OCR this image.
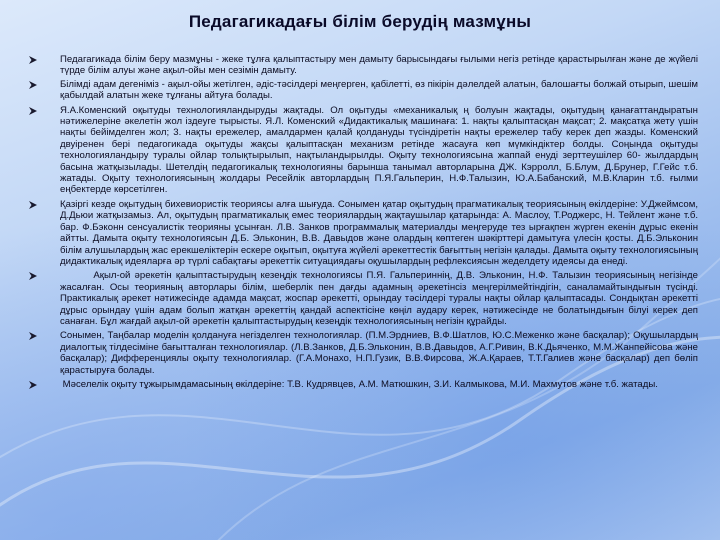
Педагагикадағы білім берудің мазмұны
Педагагикада білім беру мазмұны - жеке тұлға қалыптастыру мен дамыту барысындағы ғылыми негіз ретінде қарастырылған және де жүйелі түрде білім алуы және ақыл-ойы мен сезімін дамыту.
Білімді адам дегеніміз - ақыл-ойы жетілген, әдіс-тәсілдері меңгерген, қабілетті, өз пікірін дәлелдей алатын, балошағты болжай отырып, шешім қабылдай алатын жеке тұлғаны айтуға болады.
Я.А.Коменский оқытуды технологияландыруды жақтады. Ол оқытуды «механикалық ң болуын жақтады, оқытудың қанағаттандыратын нәтижелеріне әкелетін жол іздеуге тырысты. Я.Л. Коменский «Дидактикалық машинаға: 1. нақты қалыптасқан мақсат; 2. мақсатқа жету үшін нақты бейімделген жол; 3. нақты ережелер, амалдармен қалай қолдануды түсіндіретін нақты ережелер табу керек деп жазды. Коменский двуіренен бері педагогикада оқытуды жақсы қалыптасқан механизм ретінде жасауға көп мүмкіндіктер болды. Соңында оқытуды технологияландыру туралы ойлар толықтырылып, нақтыландырылды. Оқыту технологиясына жаппай енуді зерттеушілер 60- жылдардың басына жатқызылады. Шетелдің педагогикалық технологияны барынша танымал авторларына ДЖ. Кэрролл, Б.Блум, Д.Брунер, Г.Гейс т.б. жатады. Оқыту технологиясының жолдары Ресейлік авторлардың П.Я.Гальперин, Н.Ф.Талызин, Ю.А.Бабанский, М.В.Кларин т.б. ғылми еңбектерде көрсетілген.
Қазіргі кезде оқытудың бихевиористік теориясы алға шығуда. Сонымен қатар оқытудың прагматикалық теориясының өкілдеріне: У.Джеймсом, Д.Дьюи жатқызамыз. Ал, оқытудың прагматикалық емес теориялардың жақтаушылар қатарында: А. Маслоу, Т.Роджерс, Н. Тейлент және т.б. бар. Ф.Бэконн сенсуалистік теорияны ұсынған. Л.В. Занков программалық материалды меңгеруде тез ырғақпен жүрген екенін дұрыс екенін айтты. Дамыта оқыту технологиясын Д.Б. Эльконин, В.В. Давыдов және олардың көптеген шәкірттері дамытуға үлесін қосты. Д.Б.Эльконин білім алушылардың жас ерекшеліктерін ескере оқытып, оқытуға жүйелі әрекеттестік бағыттың негізін қалады. Дамыта оқыту технологиясының дидактикалық идеяларға әр түрлі сабақтағы әрекеттік ситуациядағы оқушылардың рефлексиясын жеделдету идеясы да енеді.
Ақыл-ой әрекетін қалыптастырудың кезеңдік технологиясы П.Я. Гальпериннің, Д.В. Эльконин, Н.Ф. Талызин теориясының негізінде жасалған. Осы теорияның авторлары білім, шеберлік пен дағды адамның әрекетінсіз меңгерілмейтіндігін, саналамайтындығын түсінді. Практикалық әрекет нәтижесінде адамда мақсат, жоспар әрекетті, орындау тәсілдері туралы нақты ойлар қалыптасады. Сондықтан әрекетті дұрыс орындау үшін адам болып жатқан әрекеттің қандай аспектісіне көңіл аудару керек, нәтижесінде не болатындығын білуі керек деп санаған. Бұл жағдай ақыл-ой әрекетін қалыптастырудың кезеңдік технологиясының негізін құрайды.
Сонымен, Таңбалар моделін қолдануға негізделген технологиялар. (П.М.Эрдниев, В.Ф.Шатлов, Ю.С.Меженко және басқалар); Оқушылардың диалогтық тілдесіміне бағытталған технологиялар. (Л.В.Занков, Д.Б.Эльконин, В.В.Давыдов, А.Г.Ривин, В.К.Дьяченко, М.М.Жанпейісова және басқалар); Дифференциялы оқыту технологиялар. (Г.А.Монахо, Н.П.Гузик, В.В.Фирсова, Ж.А.Қараев, Т.Т.Галиев және басқалар) деп бөліп қарастыруға болады.
Мәселелік оқыту тұжырымдамасының өкілдеріне: Т.В. Кудрявцев, А.М. Матюшкин, З.И. Калмыкова, М.И. Махмутов және т.б. жатады.
